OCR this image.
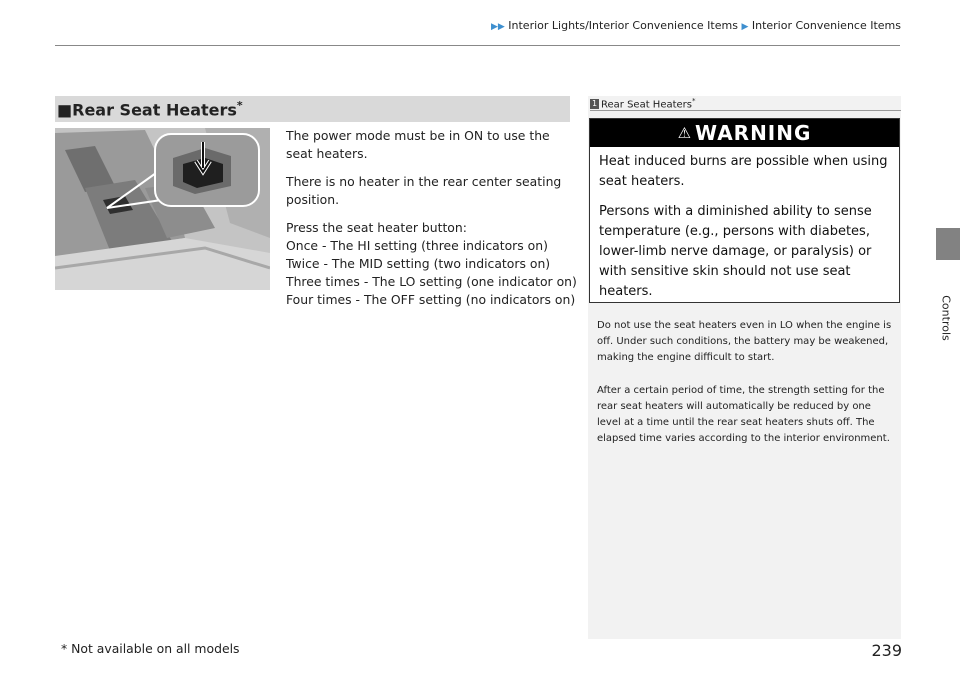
▶▶ Interior Lights/Interior Convenience Items ▶ Interior Convenience Items
Controls
■Rear Seat Heaters*

The power mode must be in ON to use the seat heaters.

There is no heater in the rear center seating position.

Press the seat heater button:

Once - The HI setting (three indicators on)

Twice - The MID setting (two indicators on)

Three times - The LO setting (one indicator on)

Four times - The OFF setting (no indicators on)

1 Rear Seat Heaters*
⚠ WARNING

Heat induced burns are possible when using seat heaters.

Persons with a diminished ability to sense temperature (e.g., persons with diabetes, lower-limb nerve damage, or paralysis) or with sensitive skin should not use seat heaters.

Do not use the seat heaters even in LO when the engine is off. Under such conditions, the battery may be weakened, making the engine difficult to start.
After a certain period of time, the strength setting for the rear seat heaters will automatically be reduced by one level at a time until the rear seat heaters shuts off. The elapsed time varies according to the interior environment.
* Not available on all models	239
